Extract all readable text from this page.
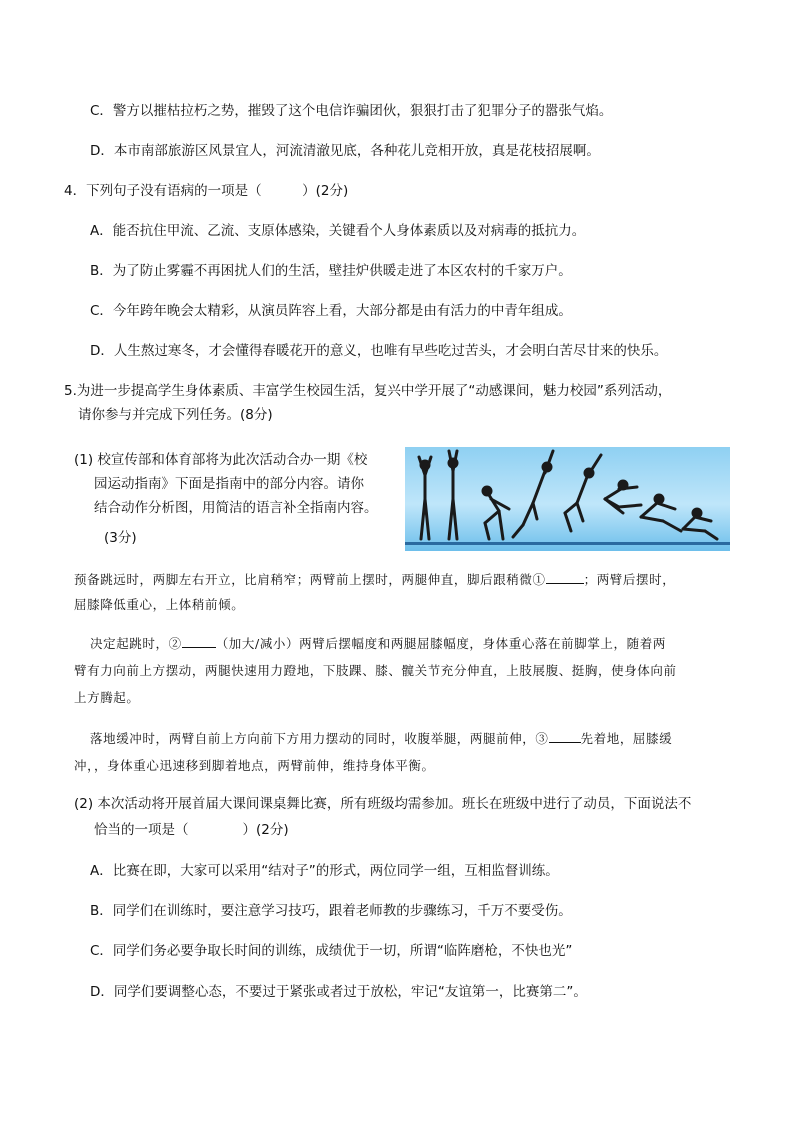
C．警方以摧枯拉朽之势，摧毁了这个电信诈骗团伙，狠狠打击了犯罪分子的嚣张气焰。
D．本市南部旅游区风景宜人，河流清澈见底，各种花儿竞相开放，真是花枝招展啊。
4．下列句子没有语病的一项是（　　　）(2分)
A．能否抗住甲流、乙流、支原体感染，关键看个人身体素质以及对病毒的抵抗力。
B．为了防止雾霾不再困扰人们的生活，壁挂炉供暖走进了本区农村的千家万户。
C．今年跨年晚会太精彩，从演员阵容上看，大部分都是由有活力的中青年组成。
D．人生熬过寒冬，才会懂得春暖花开的意义，也唯有早些吃过苦头，才会明白苦尽甘来的快乐。
5.为进一步提高学生身体素质、丰富学生校园生活，复兴中学开展了“动感课间，魅力校园”系列活动，
请你参与并完成下列任务。(8分)
(1) 校宣传部和体育部将为此次活动合办一期《校
园运动指南》下面是指南中的部分内容。请你
结合动作分析图，用简洁的语言补全指南内容。
(3分)
预备跳远时，两脚左右开立，比肩稍窄；两臂前上摆时，两腿伸直，脚后跟稍微①	；两臂后摆时，
屈膝降低重心，上体稍前倾。
决定起跳时，②	（加大/减小）两臂后摆幅度和两腿屈膝幅度，身体重心落在前脚掌上，随着两
臂有力向前上方摆动，两腿快速用力蹬地，下肢踝、膝、髋关节充分伸直，上肢展腹、挺胸，使身体向前
上方腾起。
落地缓冲时，两臂自前上方向前下方用力摆动的同时，收腹举腿，两腿前伸，③	先着地，屈膝缓
冲，，身体重心迅速移到脚着地点，两臂前伸，维持身体平衡。
(2) 本次活动将开展首届大课间课桌舞比赛，所有班级均需参加。班长在班级中进行了动员，下面说法不
恰当的一项是（　　　　）(2分)
A．比赛在即，大家可以采用“结对子”的形式，两位同学一组，互相监督训练。
B．同学们在训练时，要注意学习技巧，跟着老师教的步骤练习，千万不要受伤。
C．同学们务必要争取长时间的训练，成绩优于一切，所谓“临阵磨枪，不快也光”
D．同学们要调整心态，不要过于紧张或者过于放松，牢记“友谊第一，比赛第二”。
